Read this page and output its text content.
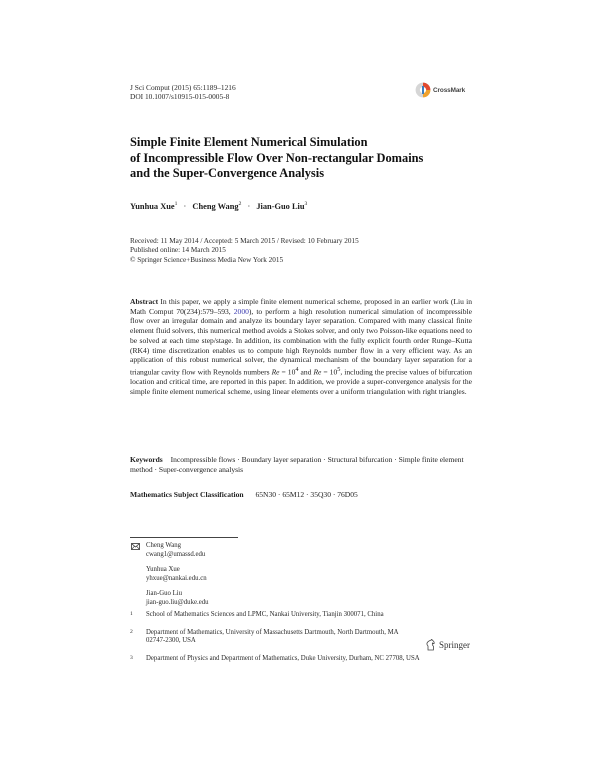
J Sci Comput (2015) 65:1189–1216
DOI 10.1007/s10915-015-0005-8
CrossMark
Simple Finite Element Numerical Simulation
of Incompressible Flow Over Non-rectangular Domains
and the Super-Convergence Analysis
Yunhua Xue$^1$ · Cheng Wang$^2$ · Jian-Guo Liu$^3$
Received: 11 May 2014 / Accepted: 5 March 2015 / Revised: 10 February 2015
Published online: 14 March 2015
© Springer Science+Business Media New York 2015
Abstract In this paper, we apply a simple finite element numerical scheme, proposed in an earlier work (Liu in Math Comput 70(234):579–593, 2000), to perform a high resolution numerical simulation of incompressible flow over an irregular domain and analyze its boundary layer separation. Compared with many classical finite element fluid solvers, this numerical method avoids a Stokes solver, and only two Poisson-like equations need to be solved at each time step/stage. In addition, its combination with the fully explicit fourth order Runge–Kutta (RK4) time discretization enables us to compute high Reynolds number flow in a very efficient way. As an application of this robust numerical solver, the dynamical mechanism of the boundary layer separation for a triangular cavity flow with Reynolds numbers $Re = 10^4$ and $Re = 10^5$, including the precise values of bifurcation location and critical time, are reported in this paper. In addition, we provide a super-convergence analysis for the simple finite element numerical scheme, using linear elements over a uniform triangulation with right triangles.
Keywords Incompressible flows · Boundary layer separation · Structural bifurcation · Simple finite element method · Super-convergence analysis
Mathematics Subject Classification 65N30 · 65M12 · 35Q30 · 76D05
Cheng Wang
cwang1@umassd.edu
Yunhua Xue
yhxue@nankai.edu.cn
Jian-Guo Liu
jian-guo.liu@duke.edu
1	School of Mathematics Sciences and LPMC, Nankai University, Tianjin 300071, China
2	Department of Mathematics, University of Massachusetts Dartmouth, North Dartmouth, MA
02747-2300, USA
3	Department of Physics and Department of Mathematics, Duke University, Durham, NC 27708, USA
Springer
